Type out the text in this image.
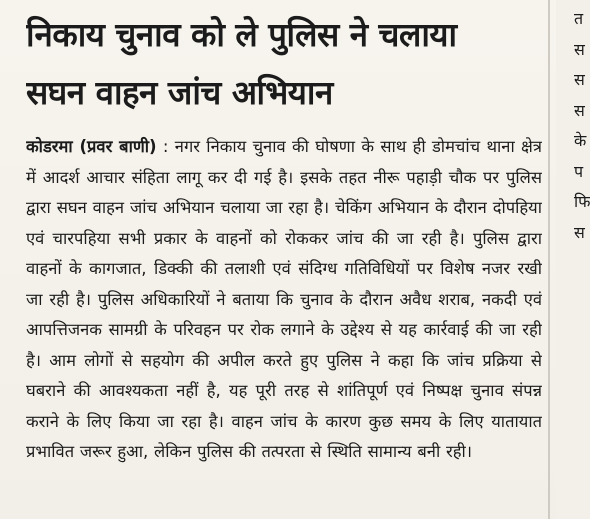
निकाय चुनाव को ले पुलिस ने चलाया
सघन वाहन जांच अभियान

कोडरमा (प्रवर बाणी) : नगर निकाय चुनाव की घोषणा के साथ ही डोमचांच थाना क्षेत्र में आदर्श आचार संहिता लागू कर दी गई है। इसके तहत नीरू पहाड़ी चौक पर पुलिस द्वारा सघन वाहन जांच अभियान चलाया जा रहा है। चेकिंग अभियान के दौरान दोपहिया एवं चारपहिया सभी प्रकार के वाहनों को रोककर जांच की जा रही है। पुलिस द्वारा वाहनों के कागजात, डिक्की की तलाशी एवं संदिग्ध गतिविधियों पर विशेष नजर रखी जा रही है। पुलिस अधिकारियों ने बताया कि चुनाव के दौरान अवैध शराब, नकदी एवं आपत्तिजनक सामग्री के परिवहन पर रोक लगाने के उद्देश्य से यह कार्रवाई की जा रही है। आम लोगों से सहयोग की अपील करते हुए पुलिस ने कहा कि जांच प्रक्रिया से घबराने की आवश्यकता नहीं है, यह पूरी तरह से शांतिपूर्ण एवं निष्पक्ष चुनाव संपन्न कराने के लिए किया जा रहा है। वाहन जांच के कारण कुछ समय के लिए यातायात प्रभावित जरूर हुआ, लेकिन पुलिस की तत्परता से स्थिति सामान्य बनी रही।

त
स
स
स
के
प
फि
स
